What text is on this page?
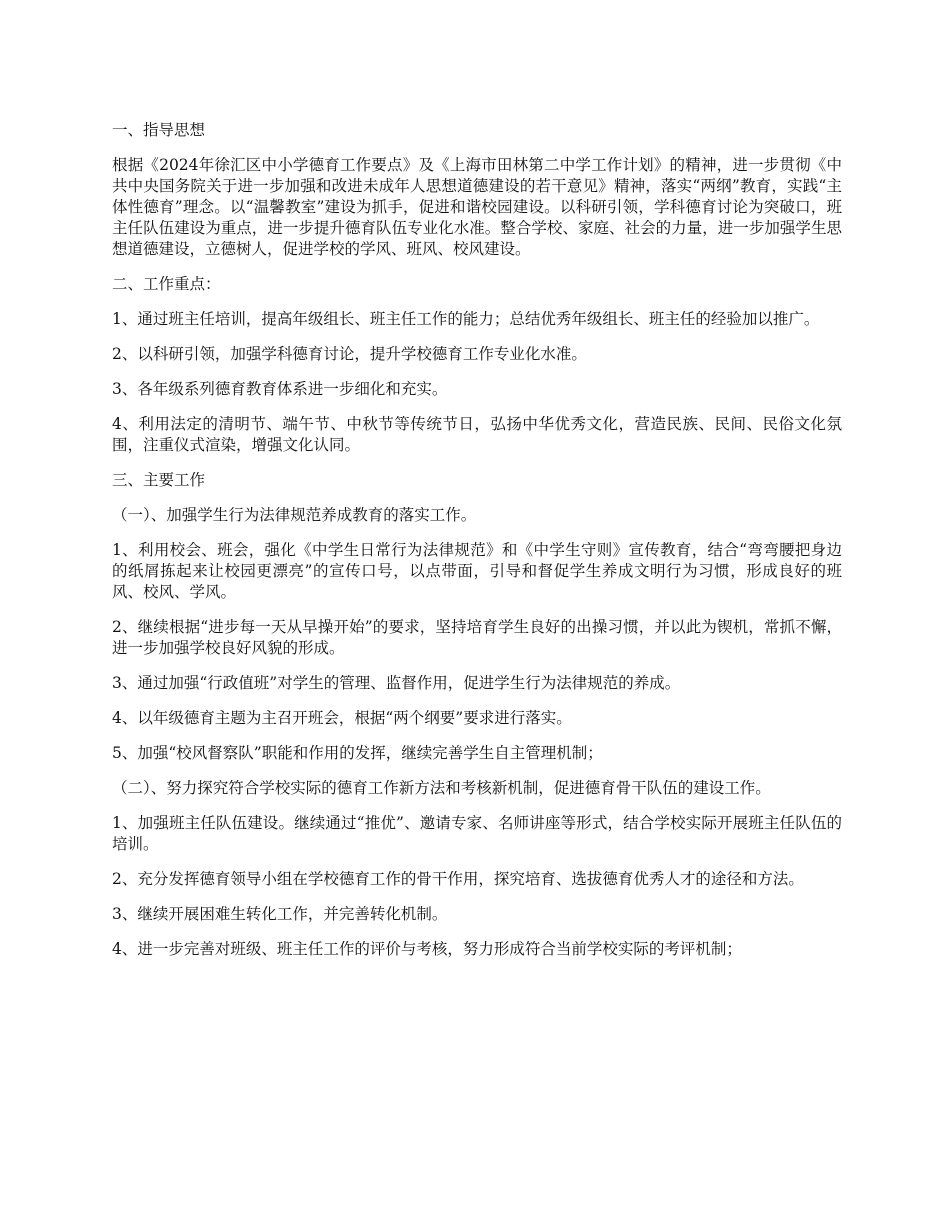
一、指导思想

根据《2024年徐汇区中小学德育工作要点》及《上海市田林第二中学工作计划》的精神，进一步贯彻《中共中央国务院关于进一步加强和改进未成年人思想道德建设的若干意见》精神，落实“两纲”教育，实践“主体性德育”理念。以“温馨教室”建设为抓手，促进和谐校园建设。以科研引领，学科德育讨论为突破口，班主任队伍建设为重点，进一步提升德育队伍专业化水准。整合学校、家庭、社会的力量，进一步加强学生思想道德建设，立德树人，促进学校的学风、班风、校风建设。

二、工作重点：

1、通过班主任培训，提高年级组长、班主任工作的能力；总结优秀年级组长、班主任的经验加以推广。

2、以科研引领，加强学科德育讨论，提升学校德育工作专业化水准。

3、各年级系列德育教育体系进一步细化和充实。

4、利用法定的清明节、端午节、中秋节等传统节日，弘扬中华优秀文化，营造民族、民间、民俗文化氛围，注重仪式渲染，增强文化认同。

三、主要工作

（一）、加强学生行为法律规范养成教育的落实工作。

1、利用校会、班会，强化《中学生日常行为法律规范》和《中学生守则》宣传教育，结合“弯弯腰把身边的纸屑拣起来让校园更漂亮”的宣传口号，以点带面，引导和督促学生养成文明行为习惯，形成良好的班风、校风、学风。

2、继续根据“进步每一天从早操开始”的要求，坚持培育学生良好的出操习惯，并以此为锲机，常抓不懈，进一步加强学校良好风貌的形成。

3、通过加强“行政值班”对学生的管理、监督作用，促进学生行为法律规范的养成。

4、以年级德育主题为主召开班会，根据“两个纲要”要求进行落实。

5、加强“校风督察队”职能和作用的发挥，继续完善学生自主管理机制；

（二）、努力探究符合学校实际的德育工作新方法和考核新机制，促进德育骨干队伍的建设工作。

1、加强班主任队伍建设。继续通过“推优”、邀请专家、名师讲座等形式，结合学校实际开展班主任队伍的培训。

2、充分发挥德育领导小组在学校德育工作的骨干作用，探究培育、选拔德育优秀人才的途径和方法。

3、继续开展困难生转化工作，并完善转化机制。

4、进一步完善对班级、班主任工作的评价与考核，努力形成符合当前学校实际的考评机制；
